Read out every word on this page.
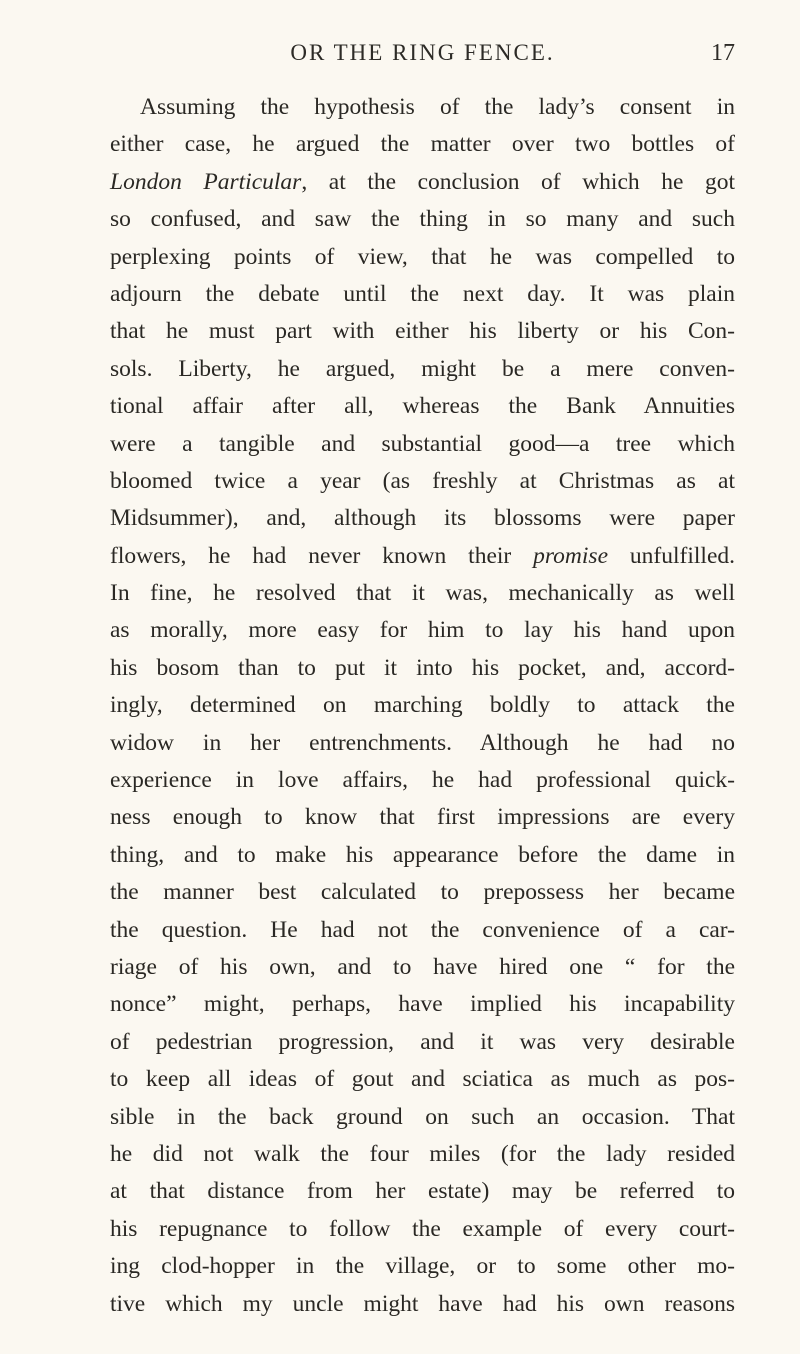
OR THE RING FENCE.	17
Assuming the hypothesis of the lady’s consent in
either case, he argued the matter over two bottles of
London Particular, at the conclusion of which he got
so confused, and saw the thing in so many and such
perplexing points of view, that he was compelled to
adjourn the debate until the next day. It was plain
that he must part with either his liberty or his Con-
sols. Liberty, he argued, might be a mere conven-
tional affair after all, whereas the Bank Annuities
were a tangible and substantial good—a tree which
bloomed twice a year (as freshly at Christmas as at
Midsummer), and, although its blossoms were paper
flowers, he had never known their promise unfulfilled.
In fine, he resolved that it was, mechanically as well
as morally, more easy for him to lay his hand upon
his bosom than to put it into his pocket, and, accord-
ingly, determined on marching boldly to attack the
widow in her entrenchments. Although he had no
experience in love affairs, he had professional quick-
ness enough to know that first impressions are every
thing, and to make his appearance before the dame in
the manner best calculated to prepossess her became
the question. He had not the convenience of a car-
riage of his own, and to have hired one “ for the
nonce” might, perhaps, have implied his incapability
of pedestrian progression, and it was very desirable
to keep all ideas of gout and sciatica as much as pos-
sible in the back ground on such an occasion. That
he did not walk the four miles (for the lady resided
at that distance from her estate) may be referred to
his repugnance to follow the example of every court-
ing clod-hopper in the village, or to some other mo-
tive which my uncle might have had his own reasons
